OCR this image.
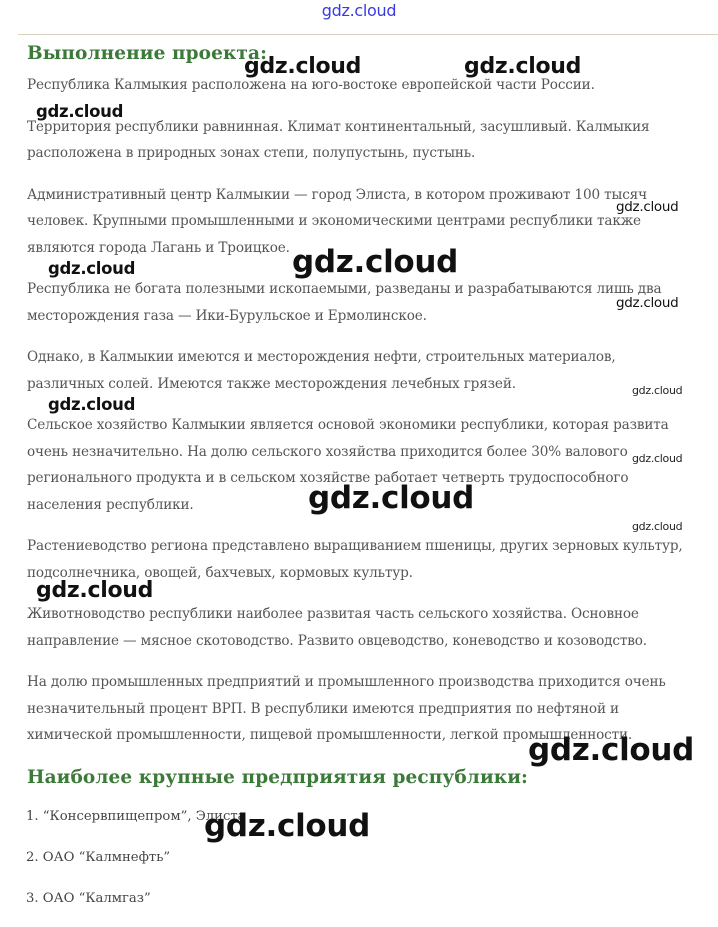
gdz.cloud
Выполнение проекта:

Республика Калмыкия расположена на юго-востоке европейской части России.

Территория республики равнинная. Климат континентальный, засушливый. Калмыкия расположена в природных зонах степи, полупустынь, пустынь.

Административный центр Калмыкии — город Элиста, в котором проживают 100 тысяч человек. Крупными промышленными и экономическими центрами республики также являются города Лагань и Троицкое.

Республика не богата полезными ископаемыми, разведаны и разрабатываются лишь два месторождения газа — Ики-Бурульское и Ермолинское.

Однако, в Калмыкии имеются и месторождения нефти, строительных материалов, различных солей. Имеются также месторождения лечебных грязей.

Сельское хозяйство Калмыкии является основой экономики республики, которая развита очень незначительно. На долю сельского хозяйства приходится более 30% валового регионального продукта и в сельском хозяйстве работает четверть трудоспособного населения республики.

Растениеводство региона представлено выращиванием пшеницы, других зерновых культур, подсолнечника, овощей, бахчевых, кормовых культур.

Животноводство республики наиболее развитая часть сельского хозяйства. Основное направление — мясное скотоводство. Развито овцеводство, коневодство и козоводство.

На долю промышленных предприятий и промышленного производства приходится очень незначительный процент ВРП. В республики имеются предприятия по нефтяной и химической промышленности, пищевой промышленности, легкой промышленности.

Наиболее крупные предприятия республики:
1. “Консервпищепром”, Элиста
2. ОАО “Калмнефть”
3. ОАО “Калмгаз”
gdz.cloud	gdz.cloud
gdz.cloud
gdz.cloud
gdz.cloud	gdz.cloud
gdz.cloud
gdz.cloud
gdz.cloud
gdz.cloud
gdz.cloud
gdz.cloud
gdz.cloud
gdz.cloud
gdz.cloud
